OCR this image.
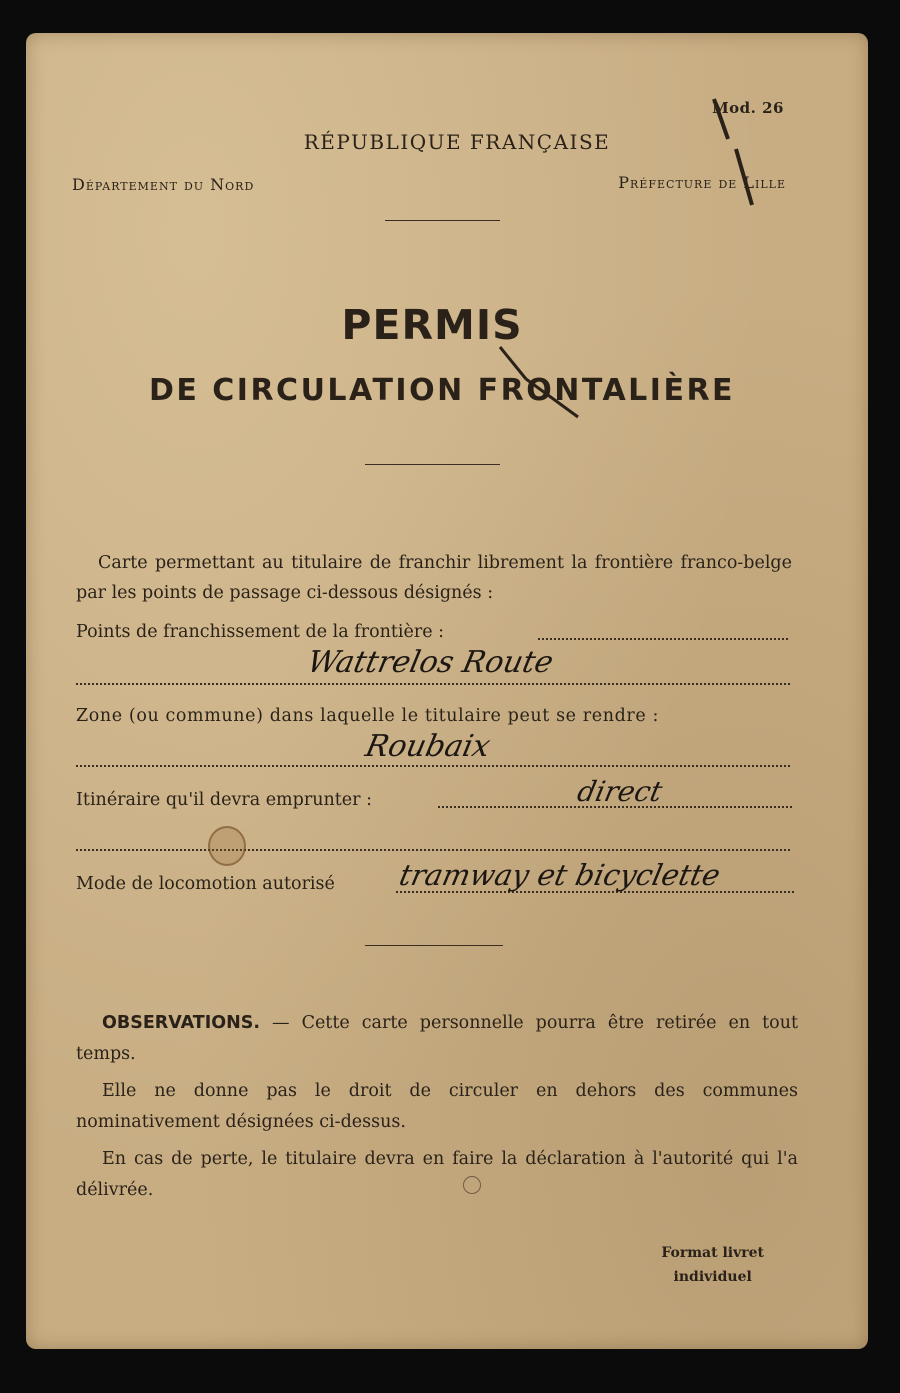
Mod. 26
RÉPUBLIQUE FRANÇAISE
Département du Nord	Préfecture de Lille
PERMIS
DE CIRCULATION FRONTALIÈRE
Carte permettant au titulaire de franchir librement la frontière franco-belge par les points de passage ci-dessous désignés :
Points de franchissement de la frontière :
Wattrelos Route
Zone (ou commune) dans laquelle le titulaire peut se rendre :
Roubaix
Itinéraire qu'il devra emprunter :	direct
Mode de locomotion autorisé tramway et bicyclette

OBSERVATIONS. — Cette carte personnelle pourra être retirée en tout temps.

Elle ne donne pas le droit de circuler en dehors des communes nominativement désignées ci-dessus.

En cas de perte, le titulaire devra en faire la déclaration à l'autorité qui l'a délivrée.

Format livret
individuel
